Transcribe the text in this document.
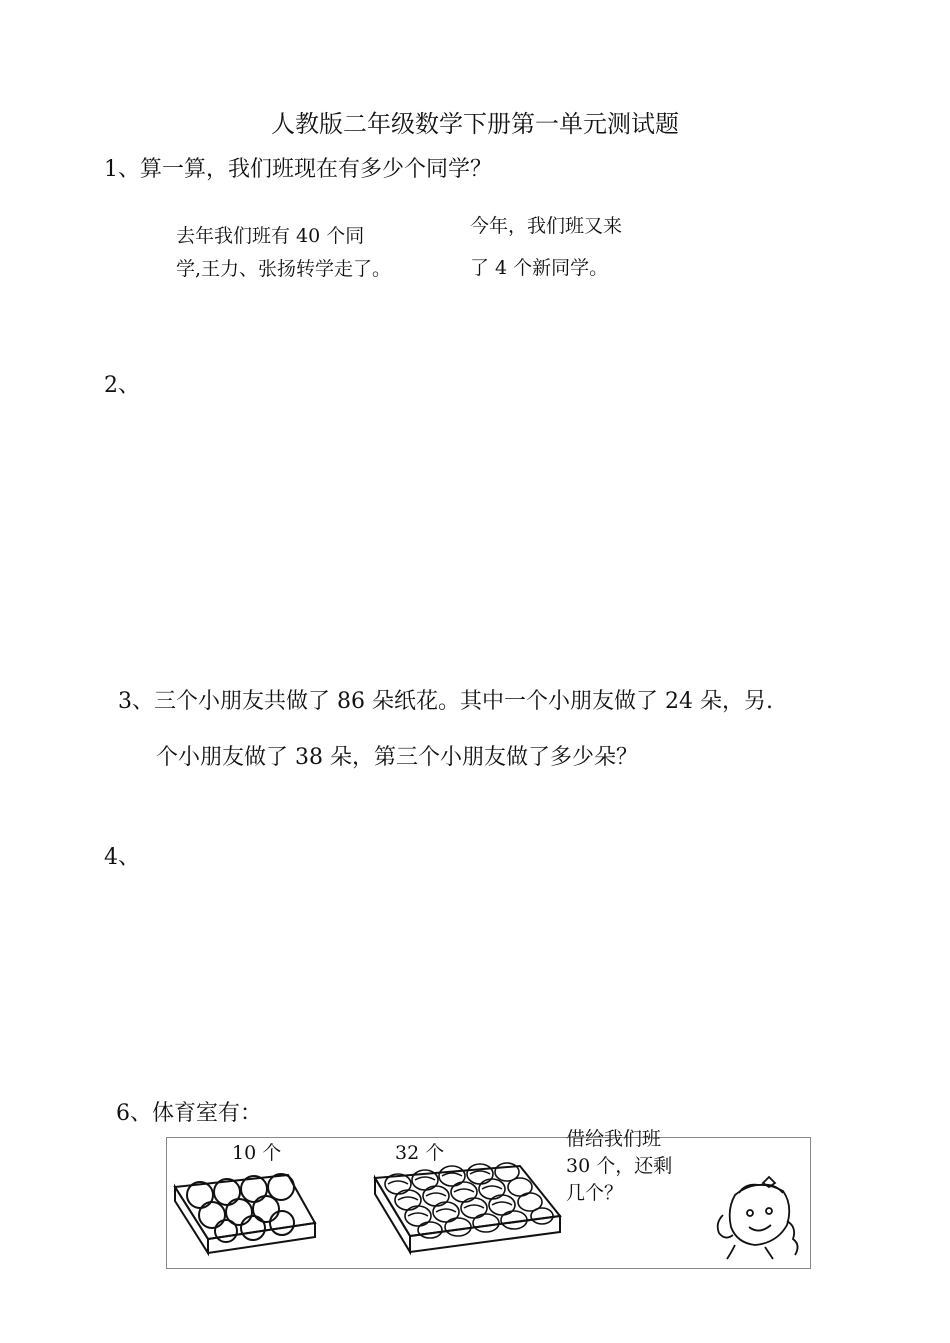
人教版二年级数学下册第一单元测试题
1、算一算，我们班现在有多少个同学？
去年我们班有 40 个同
学,王力、张扬转学走了。
今年，我们班又来
了 4 个新同学。
2、
3、三个小朋友共做了 86 朵纸花。其中一个小朋友做了 24 朵，另.
个小朋友做了 38 朵，第三个小朋友做了多少朵？
4、
6、体育室有：
10 个	32 个
借给我们班
30 个，还剩
几个？
